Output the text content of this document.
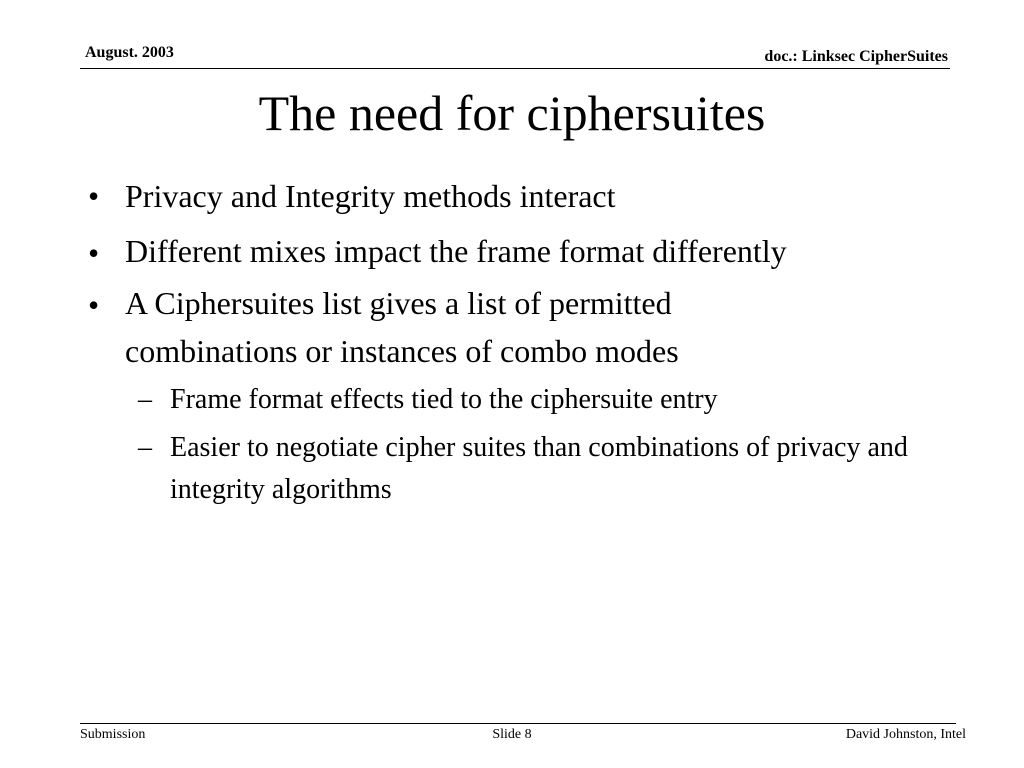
August. 2003	doc.: Linksec CipherSuites
The need for ciphersuites
• Privacy and Integrity methods interact
• Different mixes impact the frame format differently
• A Ciphersuites list gives a list of permitted combinations or instances of combo modes
– Frame format effects tied to the ciphersuite entry
– Easier to negotiate cipher suites than combinations of privacy and integrity algorithms
Submission	Slide 8	David Johnston, Intel
